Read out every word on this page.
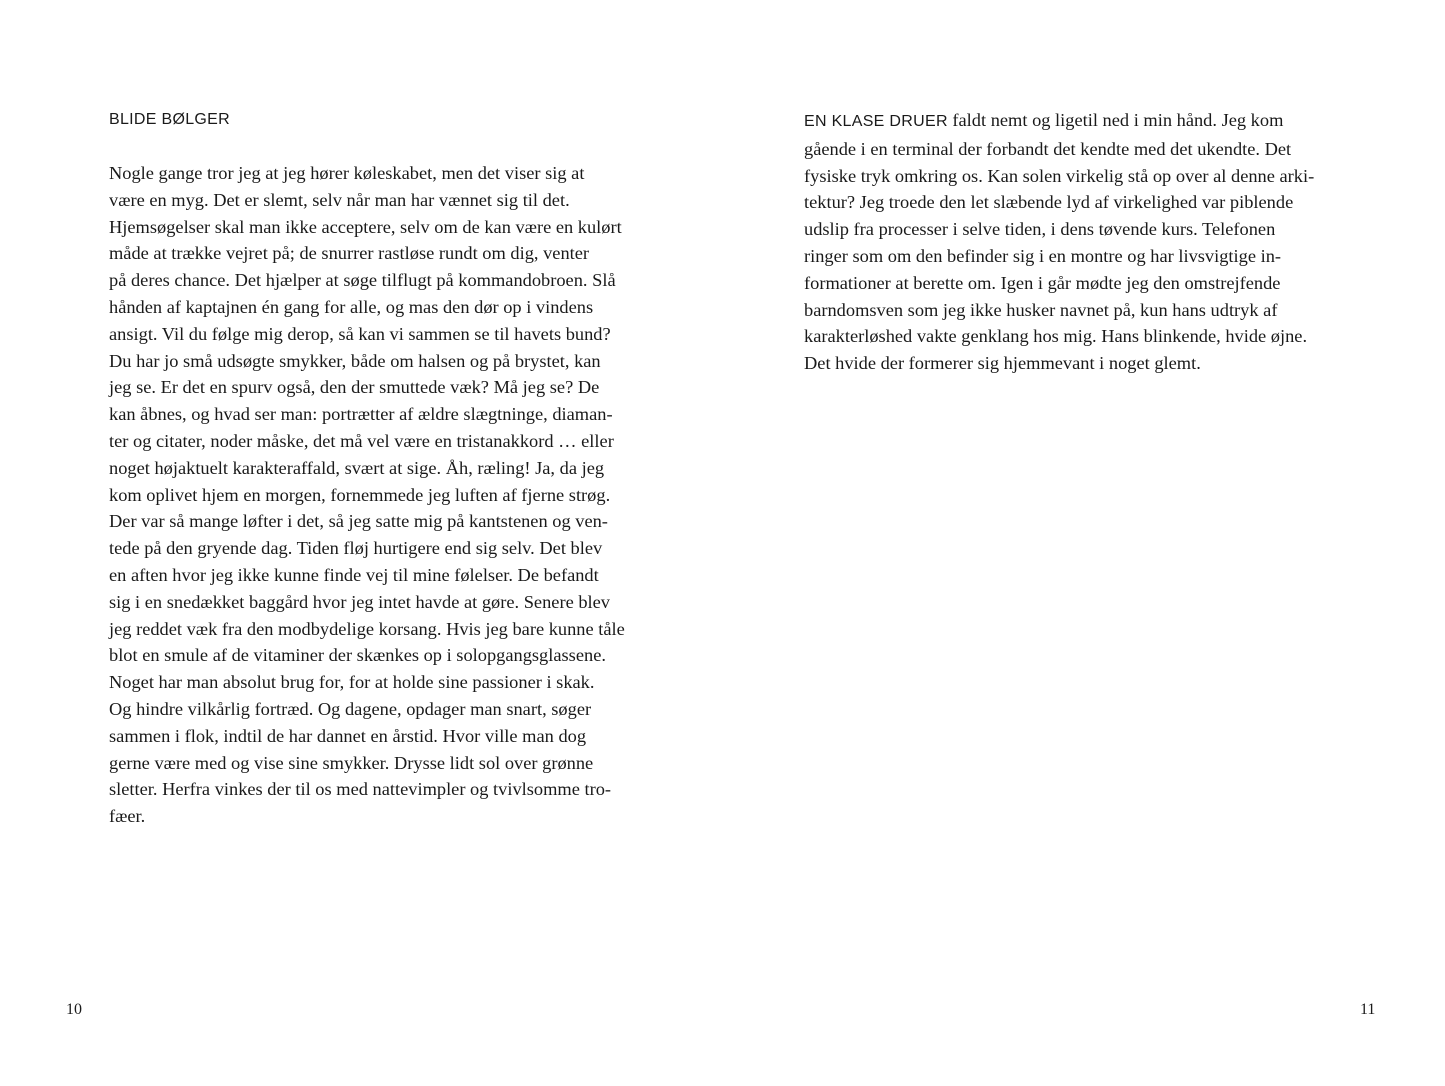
BLIDE BØLGER
Nogle gange tror jeg at jeg hører køleskabet, men det viser sig at
være en myg. Det er slemt, selv når man har vænnet sig til det.
Hjemsøgelser skal man ikke acceptere, selv om de kan være en kulørt
måde at trække vejret på; de snurrer rastløse rundt om dig, venter
på deres chance. Det hjælper at søge tilflugt på kommandobroen. Slå
hånden af kaptajnen én gang for alle, og mas den dør op i vindens
ansigt. Vil du følge mig derop, så kan vi sammen se til havets bund?
Du har jo små udsøgte smykker, både om halsen og på brystet, kan
jeg se. Er det en spurv også, den der smuttede væk? Må jeg se? De
kan åbnes, og hvad ser man: portrætter af ældre slægtninge, diaman-
ter og citater, noder måske, det må vel være en tristanakkord … eller
noget højaktuelt karakteraffald, svært at sige. Åh, ræling! Ja, da jeg
kom oplivet hjem en morgen, fornemmede jeg luften af fjerne strøg.
Der var så mange løfter i det, så jeg satte mig på kantstenen og ven-
tede på den gryende dag. Tiden fløj hurtigere end sig selv. Det blev
en aften hvor jeg ikke kunne finde vej til mine følelser. De befandt
sig i en snedækket baggård hvor jeg intet havde at gøre. Senere blev
jeg reddet væk fra den modbydelige korsang. Hvis jeg bare kunne tåle
blot en smule af de vitaminer der skænkes op i solopgangsglassene.
Noget har man absolut brug for, for at holde sine passioner i skak.
Og hindre vilkårlig fortræd. Og dagene, opdager man snart, søger
sammen i flok, indtil de har dannet en årstid. Hvor ville man dog
gerne være med og vise sine smykker. Drysse lidt sol over grønne
sletter. Herfra vinkes der til os med nattevimpler og tvivlsomme tro-
fæer.
10
EN KLASE DRUER faldt nemt og ligetil ned i min hånd. Jeg kom
gående i en terminal der forbandt det kendte med det ukendte. Det
fysiske tryk omkring os. Kan solen virkelig stå op over al denne arki-
tektur? Jeg troede den let slæbende lyd af virkelighed var piblende
udslip fra processer i selve tiden, i dens tøvende kurs. Telefonen
ringer som om den befinder sig i en montre og har livsvigtige in-
formationer at berette om. Igen i går mødte jeg den omstrejfende
barndomsven som jeg ikke husker navnet på, kun hans udtryk af
karakterløshed vakte genklang hos mig. Hans blinkende, hvide øjne.
Det hvide der formerer sig hjemmevant i noget glemt.
11
